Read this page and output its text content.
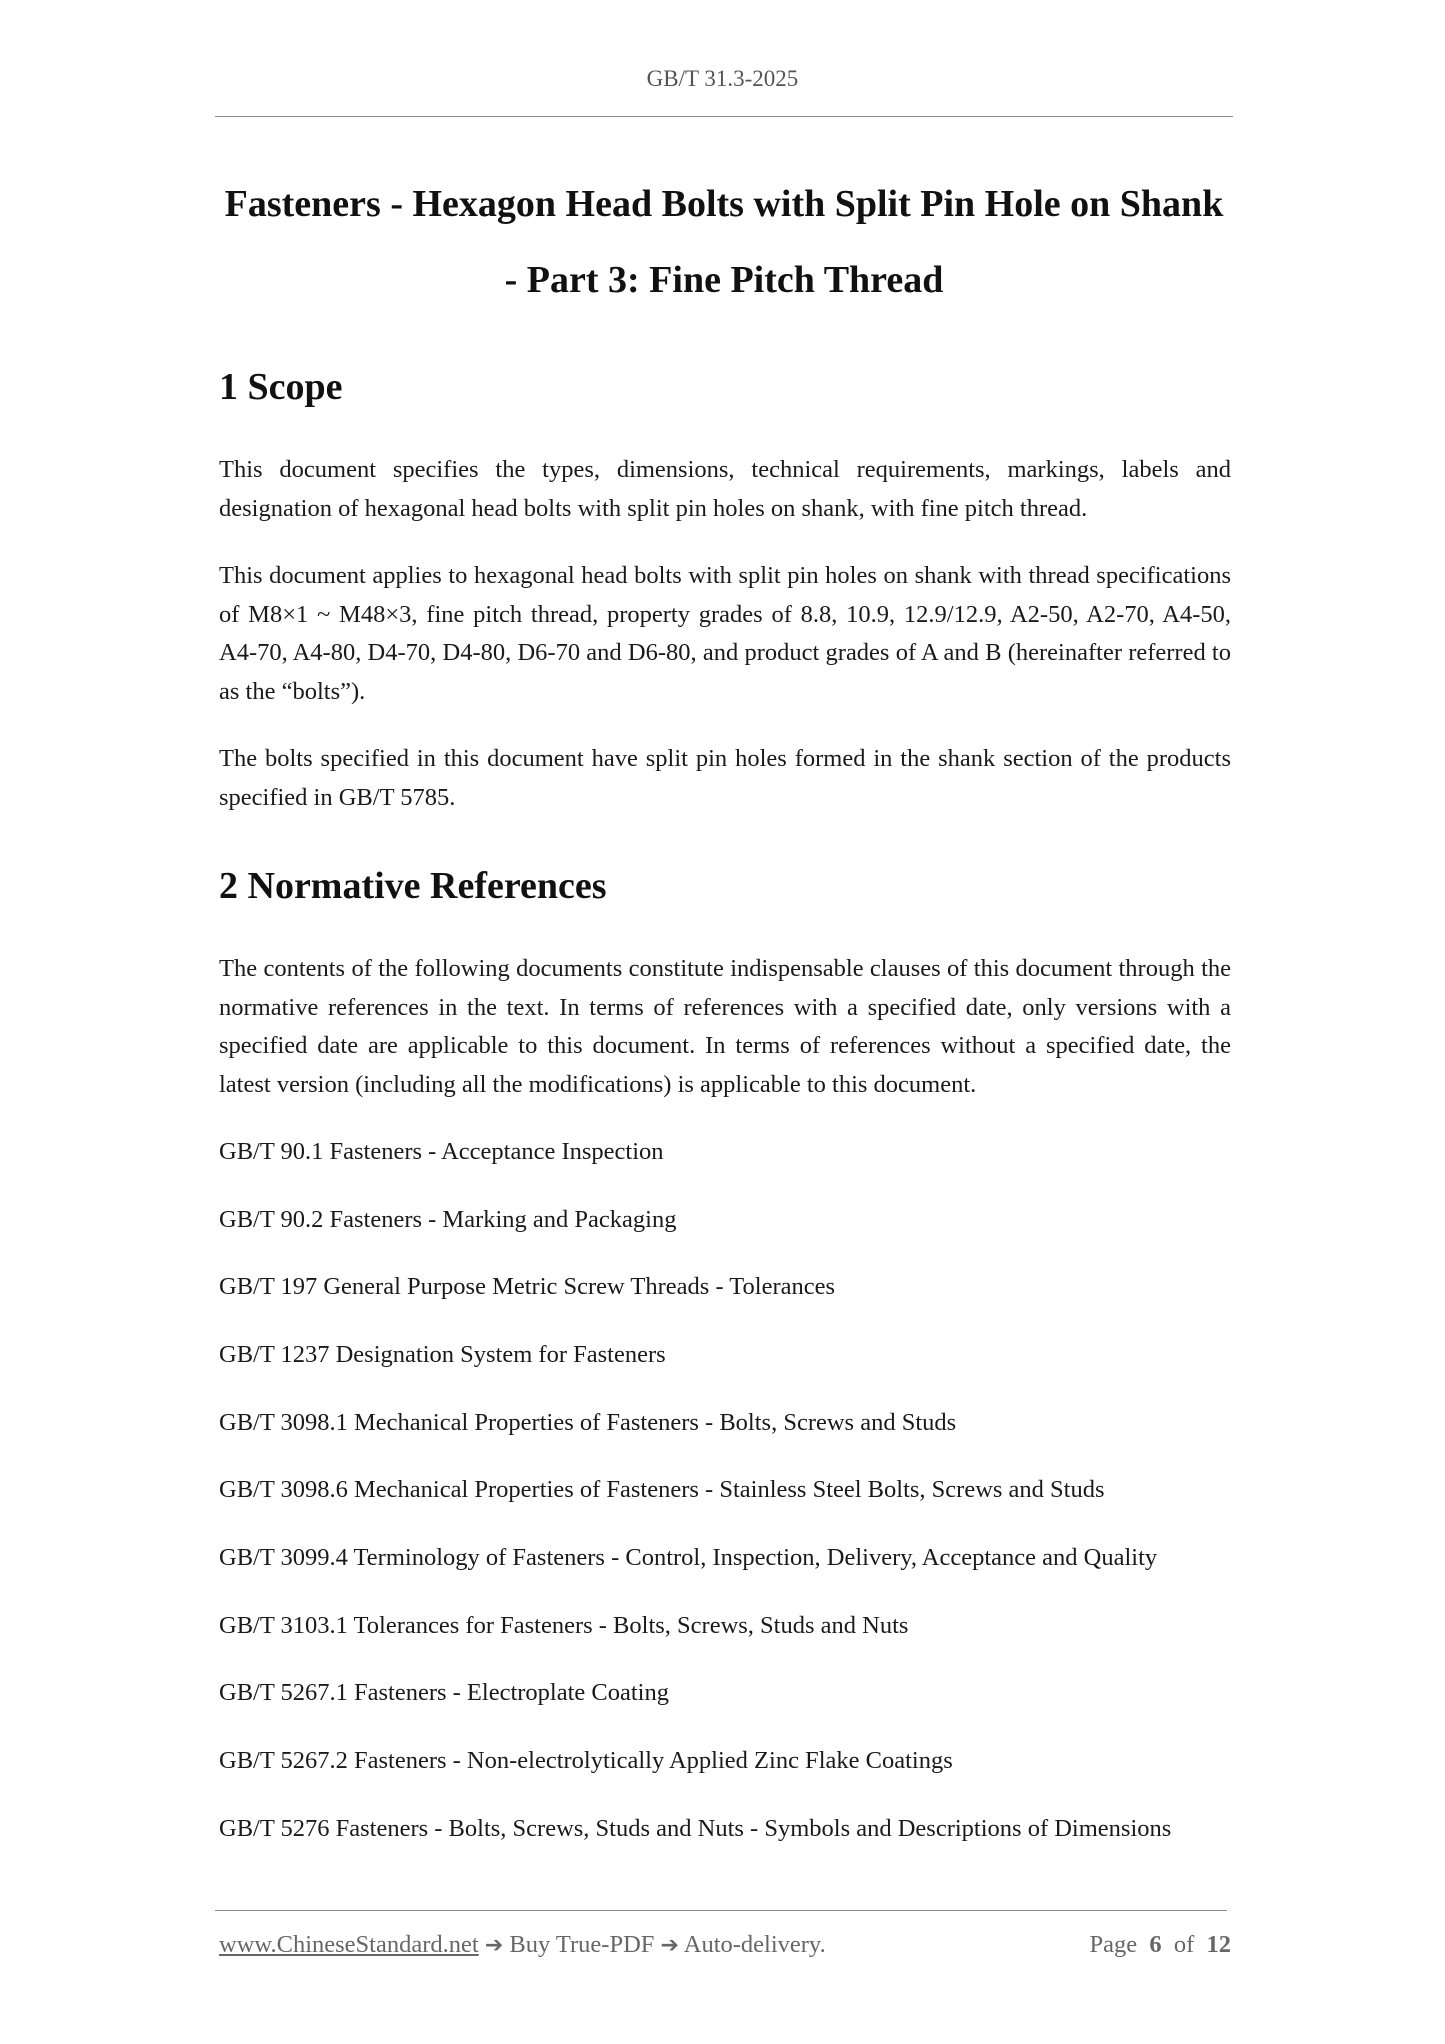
GB/T 31.3-2025
Fasteners - Hexagon Head Bolts with Split Pin Hole on Shank - Part 3: Fine Pitch Thread
1 Scope

This document specifies the types, dimensions, technical requirements, markings, labels and designation of hexagonal head bolts with split pin holes on shank, with fine pitch thread.

This document applies to hexagonal head bolts with split pin holes on shank with thread specifications of M8×1 ~ M48×3, fine pitch thread, property grades of 8.8, 10.9, 12.9/12.9, A2-50, A2-70, A4-50, A4-70, A4-80, D4-70, D4-80, D6-70 and D6-80, and product grades of A and B (hereinafter referred to as the “bolts”).

The bolts specified in this document have split pin holes formed in the shank section of the products specified in GB/T 5785.

2 Normative References

The contents of the following documents constitute indispensable clauses of this document through the normative references in the text. In terms of references with a specified date, only versions with a specified date are applicable to this document. In terms of references without a specified date, the latest version (including all the modifications) is applicable to this document.

GB/T 90.1 Fasteners - Acceptance Inspection

GB/T 90.2 Fasteners - Marking and Packaging

GB/T 197 General Purpose Metric Screw Threads - Tolerances

GB/T 1237 Designation System for Fasteners

GB/T 3098.1 Mechanical Properties of Fasteners - Bolts, Screws and Studs

GB/T 3098.6 Mechanical Properties of Fasteners - Stainless Steel Bolts, Screws and Studs

GB/T 3099.4 Terminology of Fasteners - Control, Inspection, Delivery, Acceptance and Quality

GB/T 3103.1 Tolerances for Fasteners - Bolts, Screws, Studs and Nuts

GB/T 5267.1 Fasteners - Electroplate Coating

GB/T 5267.2 Fasteners - Non-electrolytically Applied Zinc Flake Coatings

GB/T 5276 Fasteners - Bolts, Screws, Studs and Nuts - Symbols and Descriptions of Dimensions

www.ChineseStandard.net ➔ Buy True-PDF ➔ Auto-delivery.	Page 6 of 12
